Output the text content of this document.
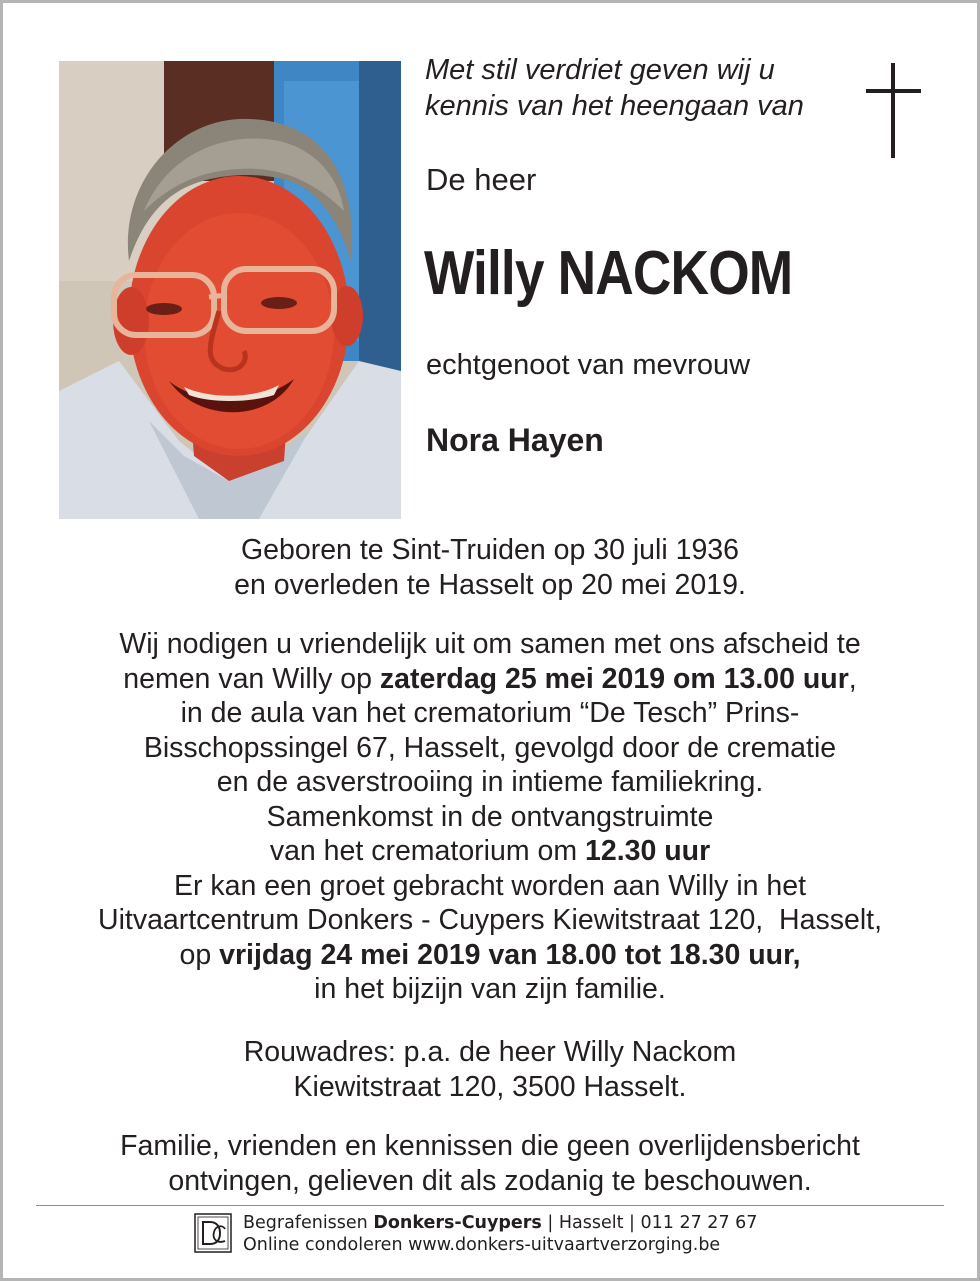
Met stil verdriet geven wij u
kennis van het heengaan van

De heer

Willy NACKOM

echtgenoot van mevrouw

Nora Hayen

Geboren te Sint-Truiden op 30 juli 1936
en overleden te Hasselt op 20 mei 2019.

Wij nodigen u vriendelijk uit om samen met ons afscheid te
nemen van Willy op zaterdag 25 mei 2019 om 13.00 uur,
in de aula van het crematorium “De Tesch” Prins-
Bisschopssingel 67, Hasselt, gevolgd door de crematie
en de asverstrooiing in intieme familiekring.
Samenkomst in de ontvangstruimte
van het crematorium om 12.30 uur
Er kan een groet gebracht worden aan Willy in het
Uitvaartcentrum Donkers - Cuypers Kiewitstraat 120,  Hasselt,
op vrijdag 24 mei 2019 van 18.00 tot 18.30 uur,
in het bijzijn van zijn familie.

Rouwadres: p.a. de heer Willy Nackom
Kiewitstraat 120, 3500 Hasselt.

Familie, vrienden en kennissen die geen overlijdensbericht
ontvingen, gelieven dit als zodanig te beschouwen.

Begrafenissen Donkers-Cuypers | Hasselt | 011 27 27 67
Online condoleren www.donkers-uitvaartverzorging.be
